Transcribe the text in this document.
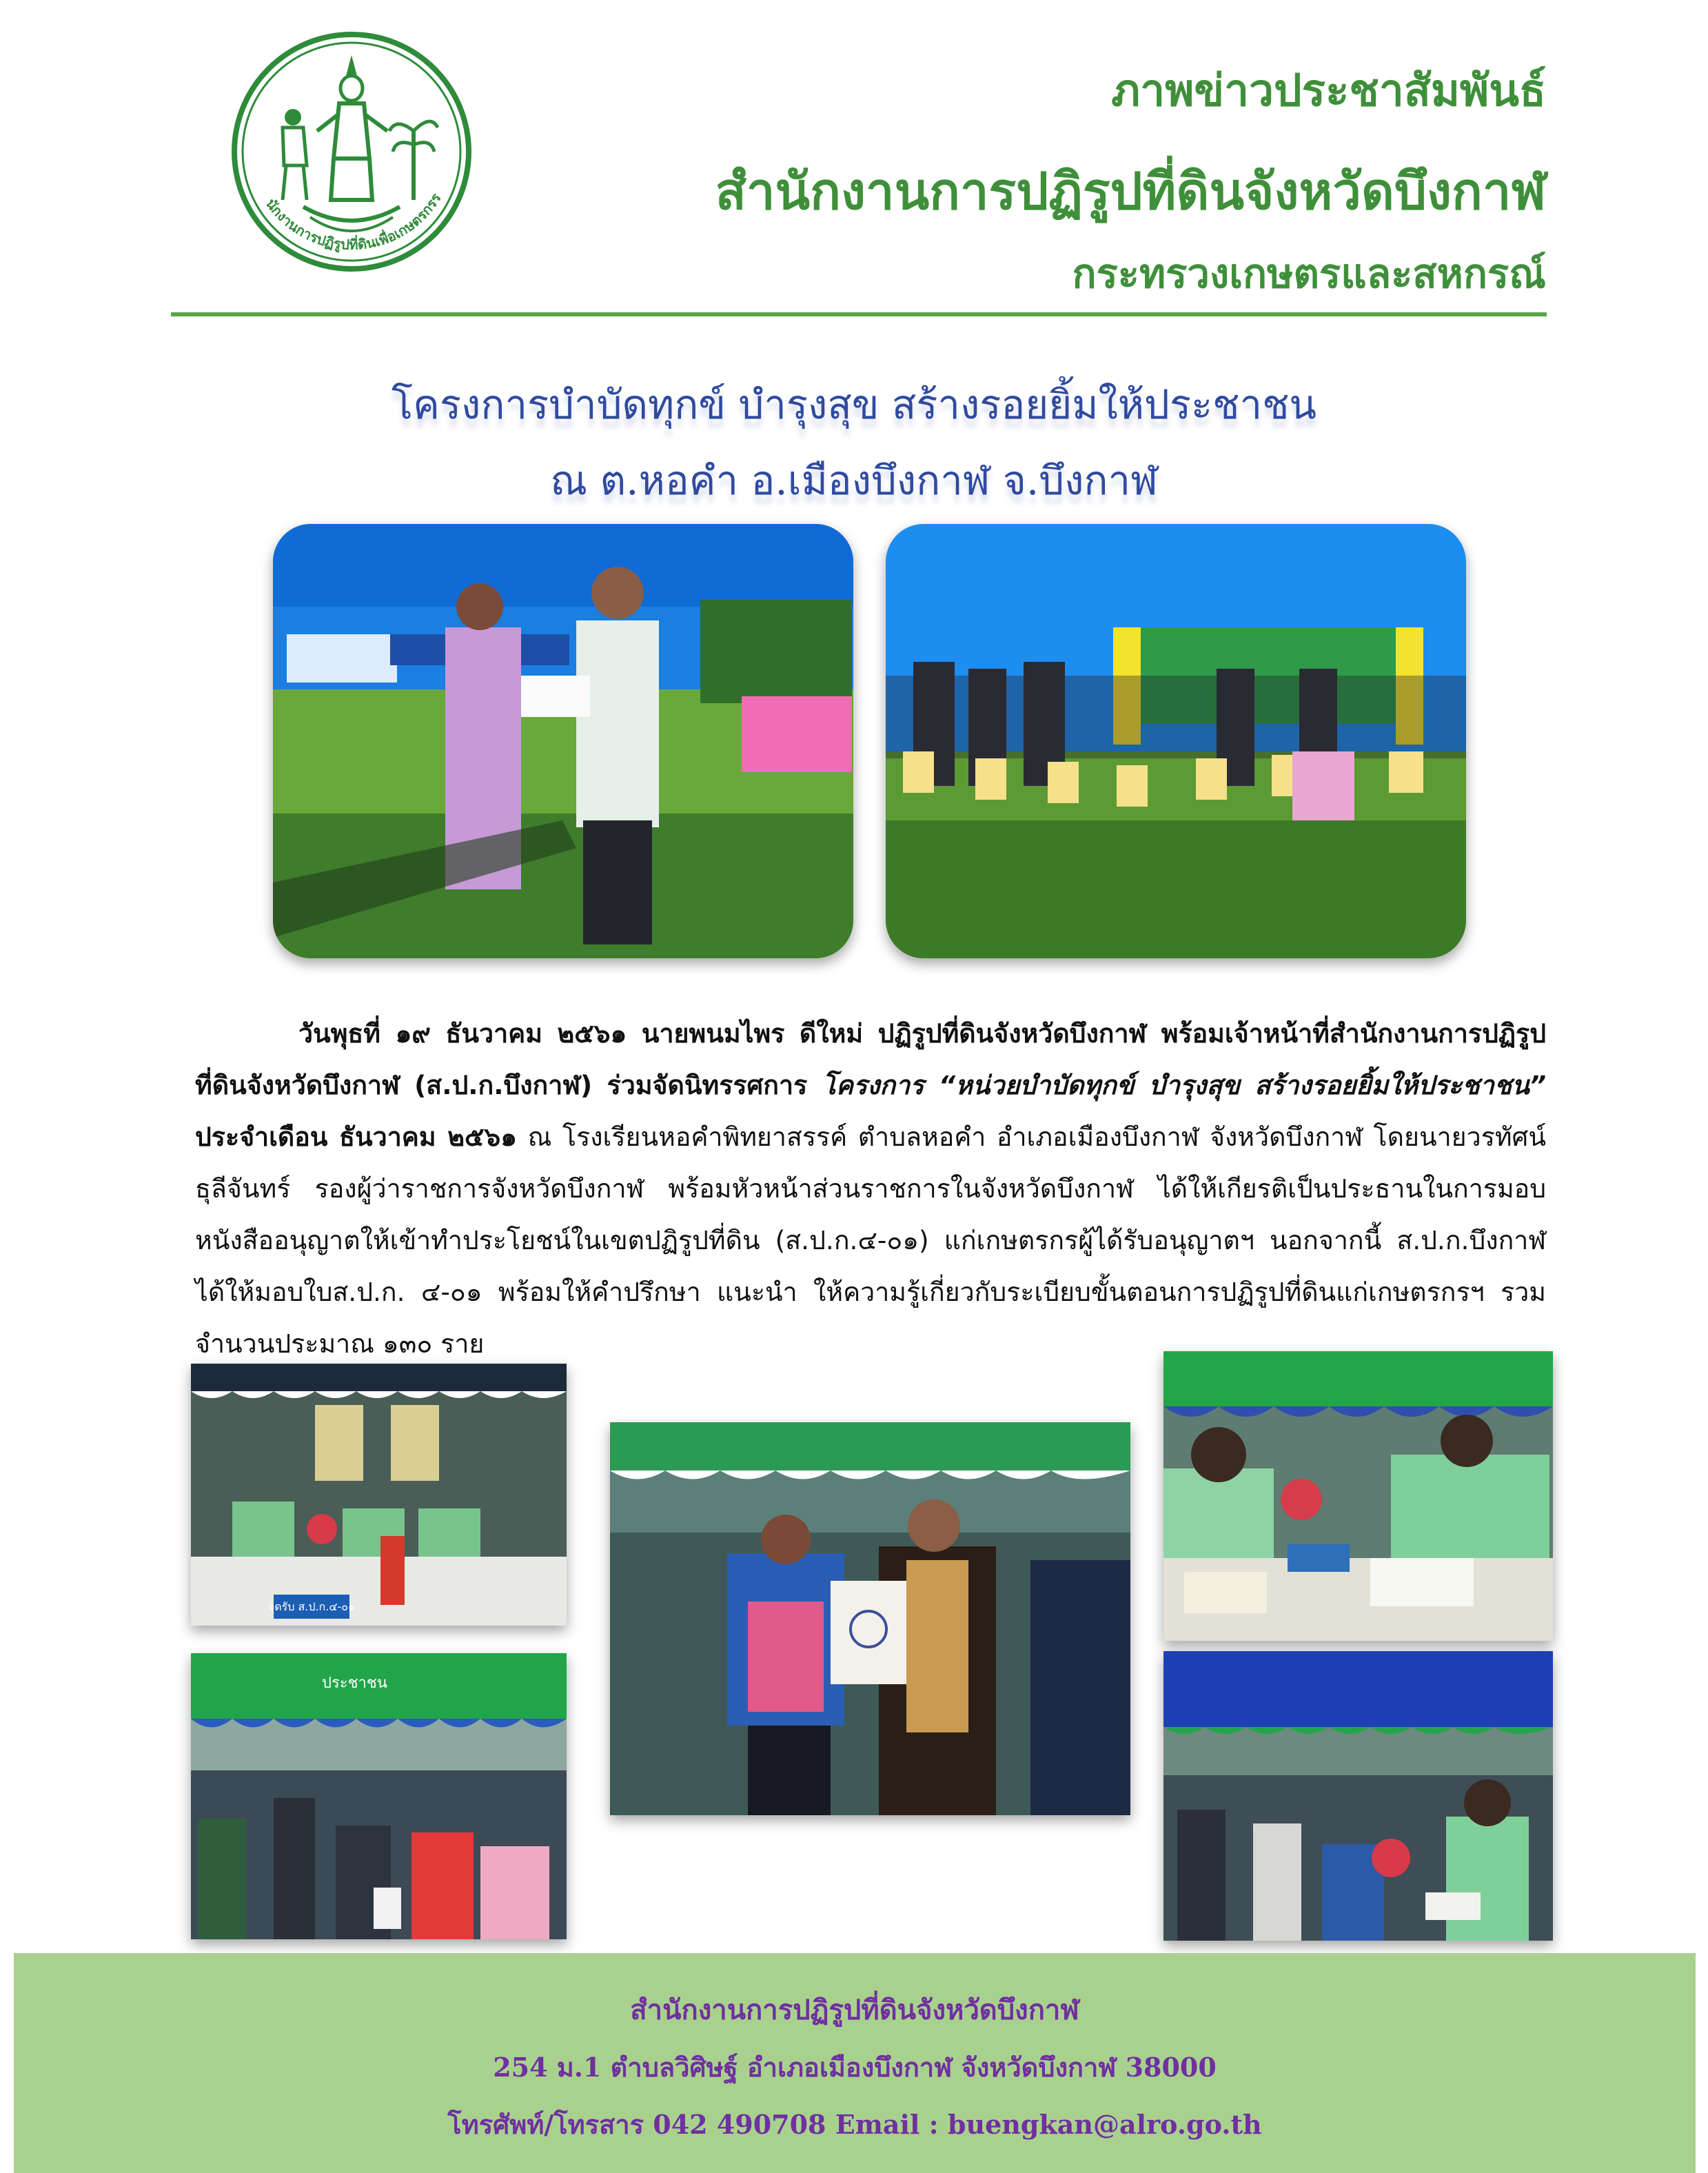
นักงานการปฏิรูปที่ดินเพื่อเกษตรกรร
ภาพข่าวประชาสัมพันธ์
สำนักงานการปฏิรูปที่ดินจังหวัดบึงกาฬ
กระทรวงเกษตรและสหกรณ์
โครงการบำบัดทุกข์ บำรุงสุข สร้างรอยยิ้มให้ประชาชน
ณ ต.หอคำ อ.เมืองบึงกาฬ จ.บึงกาฬ

วันพุธที่ ๑๙ ธันวาคม ๒๕๖๑ นายพนมไพร ดีใหม่ ปฏิรูปที่ดินจังหวัดบึงกาฬ พร้อมเจ้าหน้าที่สำนักงานการปฏิรูปที่ดินจังหวัดบึงกาฬ (ส.ป.ก.บึงกาฬ) ร่วมจัดนิทรรศการ โครงการ “หน่วยบำบัดทุกข์ บำรุงสุข สร้างรอยยิ้มให้ประชาชน” ประจำเดือน ธันวาคม ๒๕๖๑ ณ โรงเรียนหอคำพิทยาสรรค์ ตำบลหอคำ อำเภอเมืองบึงกาฬ จังหวัดบึงกาฬ โดยนายวรทัศน์ ธุลีจันทร์ รองผู้ว่าราชการจังหวัดบึงกาฬ พร้อมหัวหน้าส่วนราชการในจังหวัดบึงกาฬ ได้ให้เกียรติเป็นประธานในการมอบหนังสืออนุญาตให้เข้าทำประโยชน์ในเขตปฏิรูปที่ดิน (ส.ป.ก.๔-๐๑) แก่เกษตรกรผู้ได้รับอนุญาตฯ นอกจากนี้ ส.ป.ก.บึงกาฬ ได้ให้มอบใบส.ป.ก. ๔-๐๑ พร้อมให้คำปรึกษา แนะนำ ให้ความรู้เกี่ยวกับระเบียบขั้นตอนการปฏิรูปที่ดินแก่เกษตรกรฯ รวมจำนวนประมาณ ๑๓๐ ราย

จุดรับ ส.ป.ก.๔-๐๑
ประชาชน
สำนักงานการปฏิรูปที่ดินจังหวัดบึงกาฬ
254 ม.1 ตำบลวิศิษฐ์ อำเภอเมืองบึงกาฬ จังหวัดบึงกาฬ 38000
โทรศัพท์/โทรสาร 042 490708 Email : buengkan@alro.go.th
